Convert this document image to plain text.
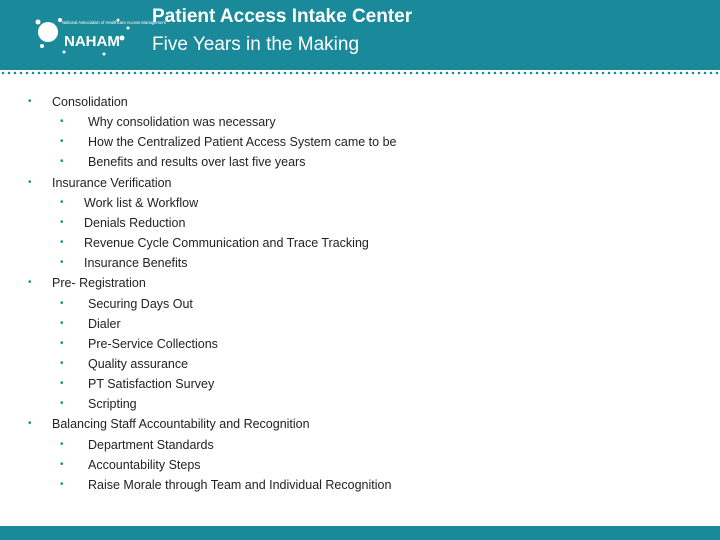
National Association of Healthcare Access Management
NAHAM
Patient Access Intake Center
Five Years in the Making
• Consolidation
• Why consolidation was necessary
• How the Centralized Patient Access System came to be
• Benefits and results over last five years
• Insurance Verification
• Work list & Workflow
• Denials Reduction
• Revenue Cycle Communication and Trace Tracking
• Insurance Benefits
• Pre- Registration
• Securing Days Out
• Dialer
• Pre-Service Collections
• Quality assurance
• PT Satisfaction Survey
• Scripting
• Balancing Staff Accountability and Recognition
• Department Standards
• Accountability Steps
• Raise Morale through Team and Individual Recognition
